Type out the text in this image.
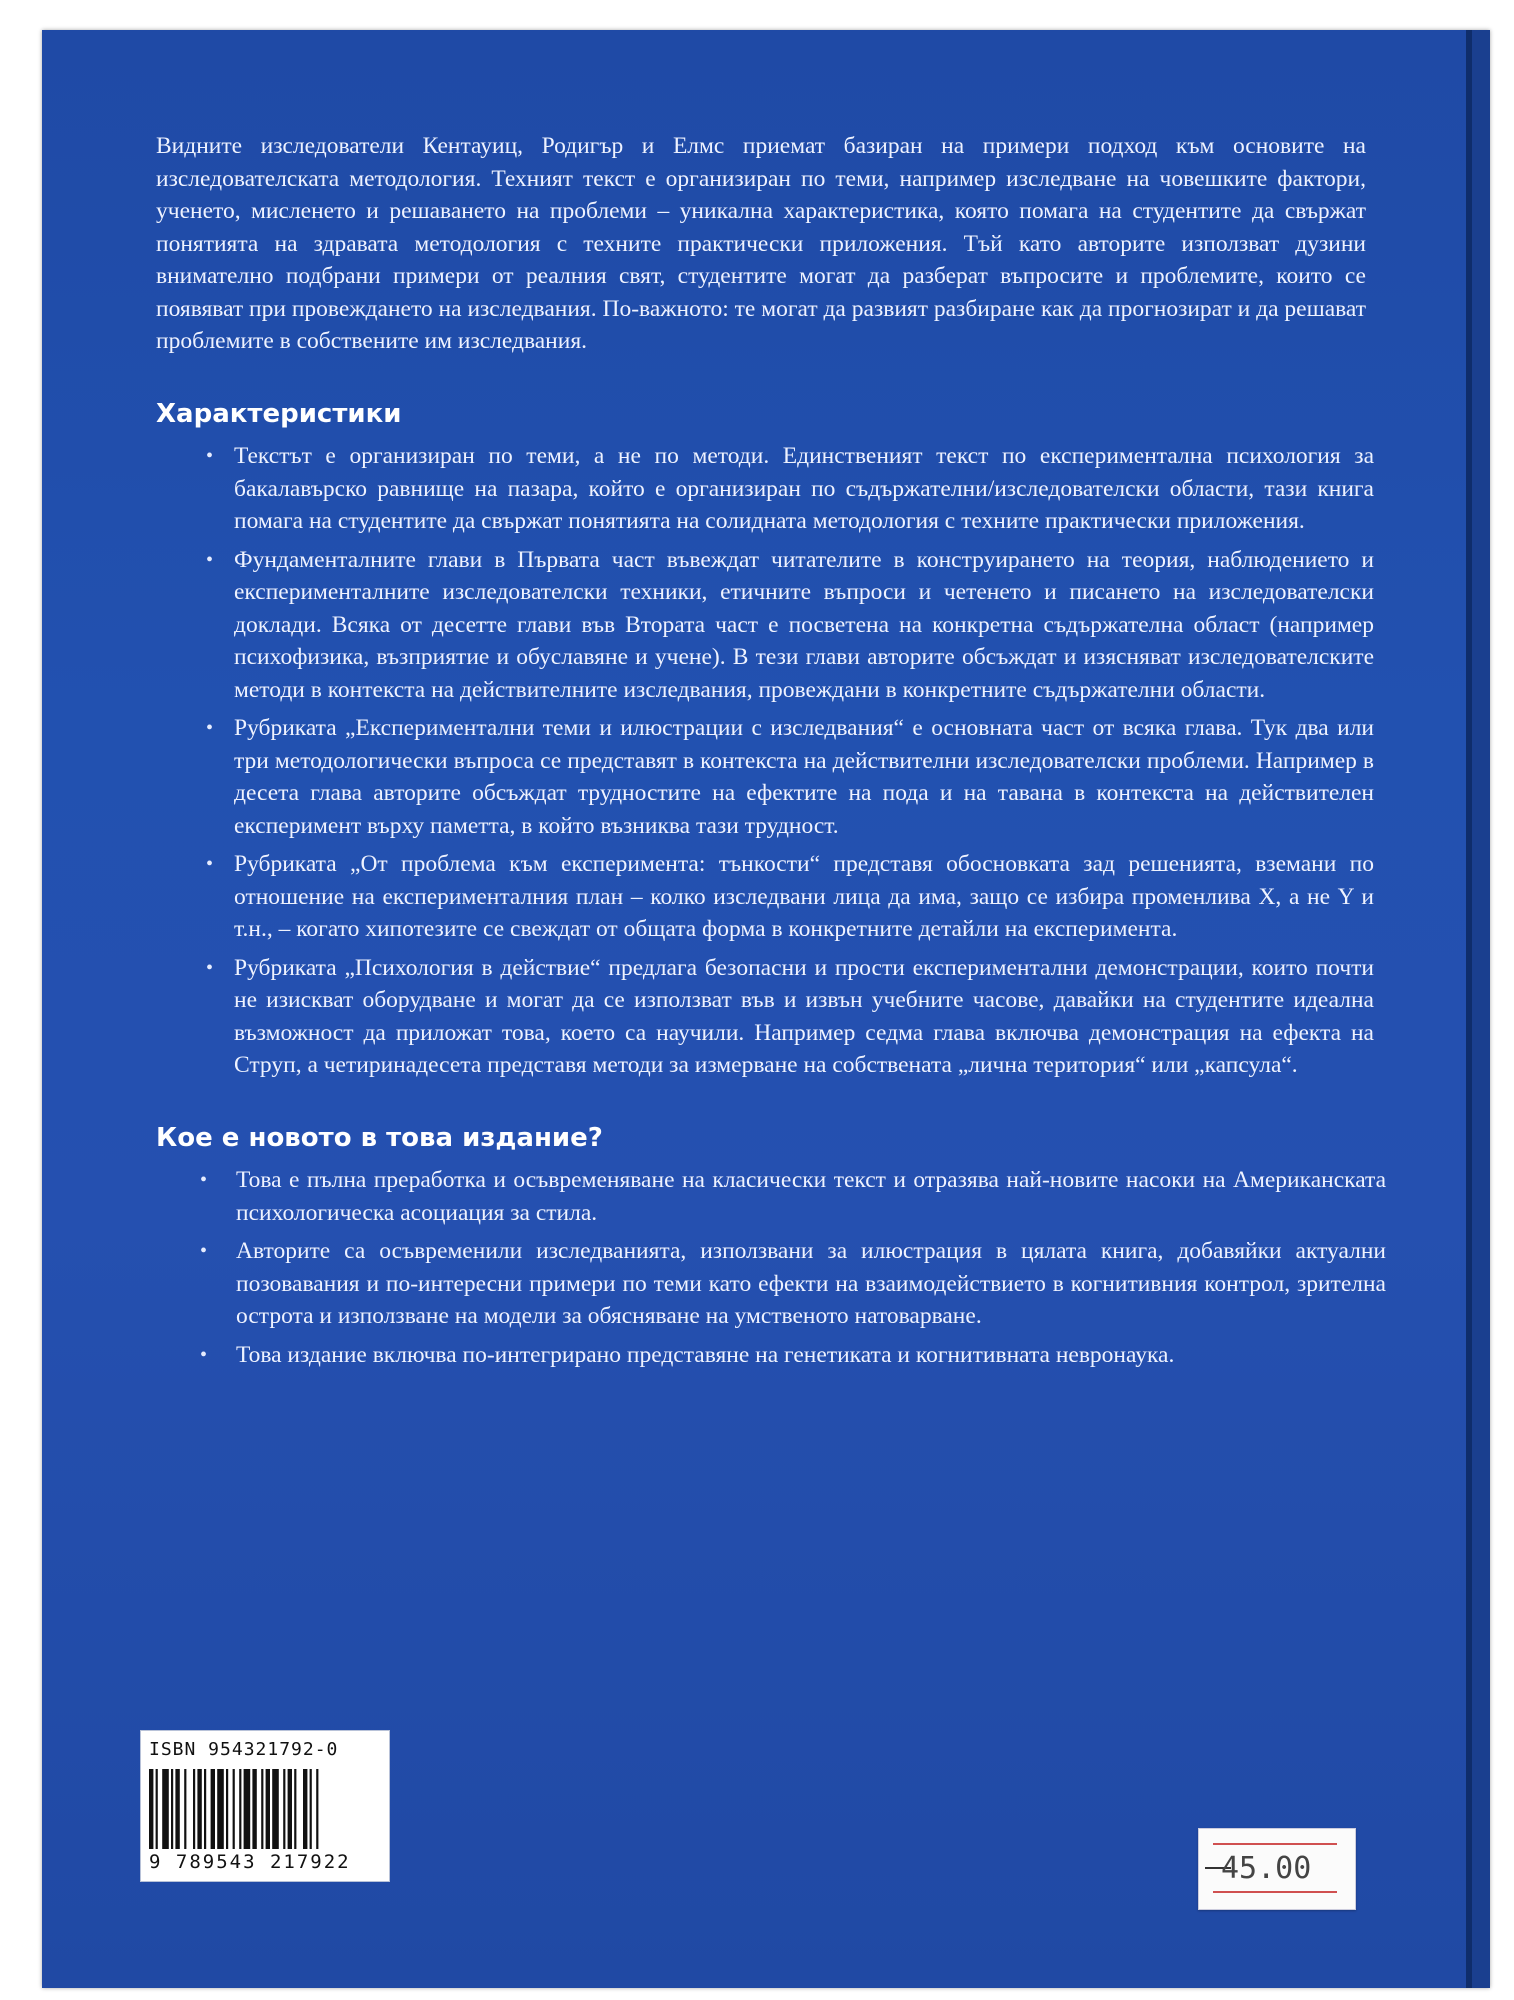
Видните изследователи Кентауиц, Родигър и Елмс приемат базиран на примери подход към основите на изследователската методология. Техният текст е организиран по теми, например изследване на човешките фактори, ученето, мисленето и решаването на проблеми – уникална характеристика, която помага на студентите да свържат понятията на здравата методология с техните практически приложения. Тъй като авторите използват дузини внимателно подбрани примери от реалния свят, студентите могат да разберат въпросите и проблемите, които се появяват при провеждането на изследвания. По-важното: те могат да развият разбиране как да прогнозират и да решават проблемите в собствените им изследвания.

Характеристики
• Текстът е организиран по теми, а не по методи. Единственият текст по експериментална психология за бакалавърско равнище на пазара, който е организиран по съдържателни/изследователски области, тази книга помага на студентите да свържат понятията на солидната методология с техните практически приложения.
• Фундаменталните глави в Първата част въвеждат читателите в конструирането на теория, наблюдението и експерименталните изследователски техники, етичните въпроси и четенето и писането на изследователски доклади. Всяка от десетте глави във Втората част е посветена на конкретна съдържателна област (например психофизика, възприятие и обуславяне и учене). В тези глави авторите обсъждат и изясняват изследователските методи в контекста на действителните изследвания, провеждани в конкретните съдържателни области.
• Рубриката „Експериментални теми и илюстрации с изследвания“ е основната част от всяка глава. Тук два или три методологически въпроса се представят в контекста на действителни изследователски проблеми. Например в десета глава авторите обсъждат трудностите на ефектите на пода и на тавана в контекста на действителен експеримент върху паметта, в който възниква тази трудност.
• Рубриката „От проблема към експеримента: тънкости“ представя обосновката зад решенията, вземани по отношение на експерименталния план – колко изследвани лица да има, защо се избира променлива X, а не Y и т.н., – когато хипотезите се свеждат от общата форма в конкретните детайли на експеримента.
• Рубриката „Психология в действие“ предлага безопасни и прости експериментални демонстрации, които почти не изискват оборудване и могат да се използват във и извън учебните часове, давайки на студентите идеална възможност да приложат това, което са научили. Например седма глава включва демонстрация на ефекта на Струп, а четиринадесета представя методи за измерване на собствената „лична територия“ или „капсула“.
Кое е новото в това издание?
• Това е пълна преработка и осъвременяване на класически текст и отразява най-новите насоки на Американската психологическа асоциация за стила.
• Авторите са осъвременили изследванията, използвани за илюстрация в цялата книга, добавяйки актуални позовавания и по-интересни примери по теми като ефекти на взаимодействието в когнитивния контрол, зрителна острота и използване на модели за обясняване на умственото натоварване.
• Това издание включва по-интегрирано представяне на генетиката и когнитивната невронаука.
ISBN 954321792-0
9 789543 217922	45.00
